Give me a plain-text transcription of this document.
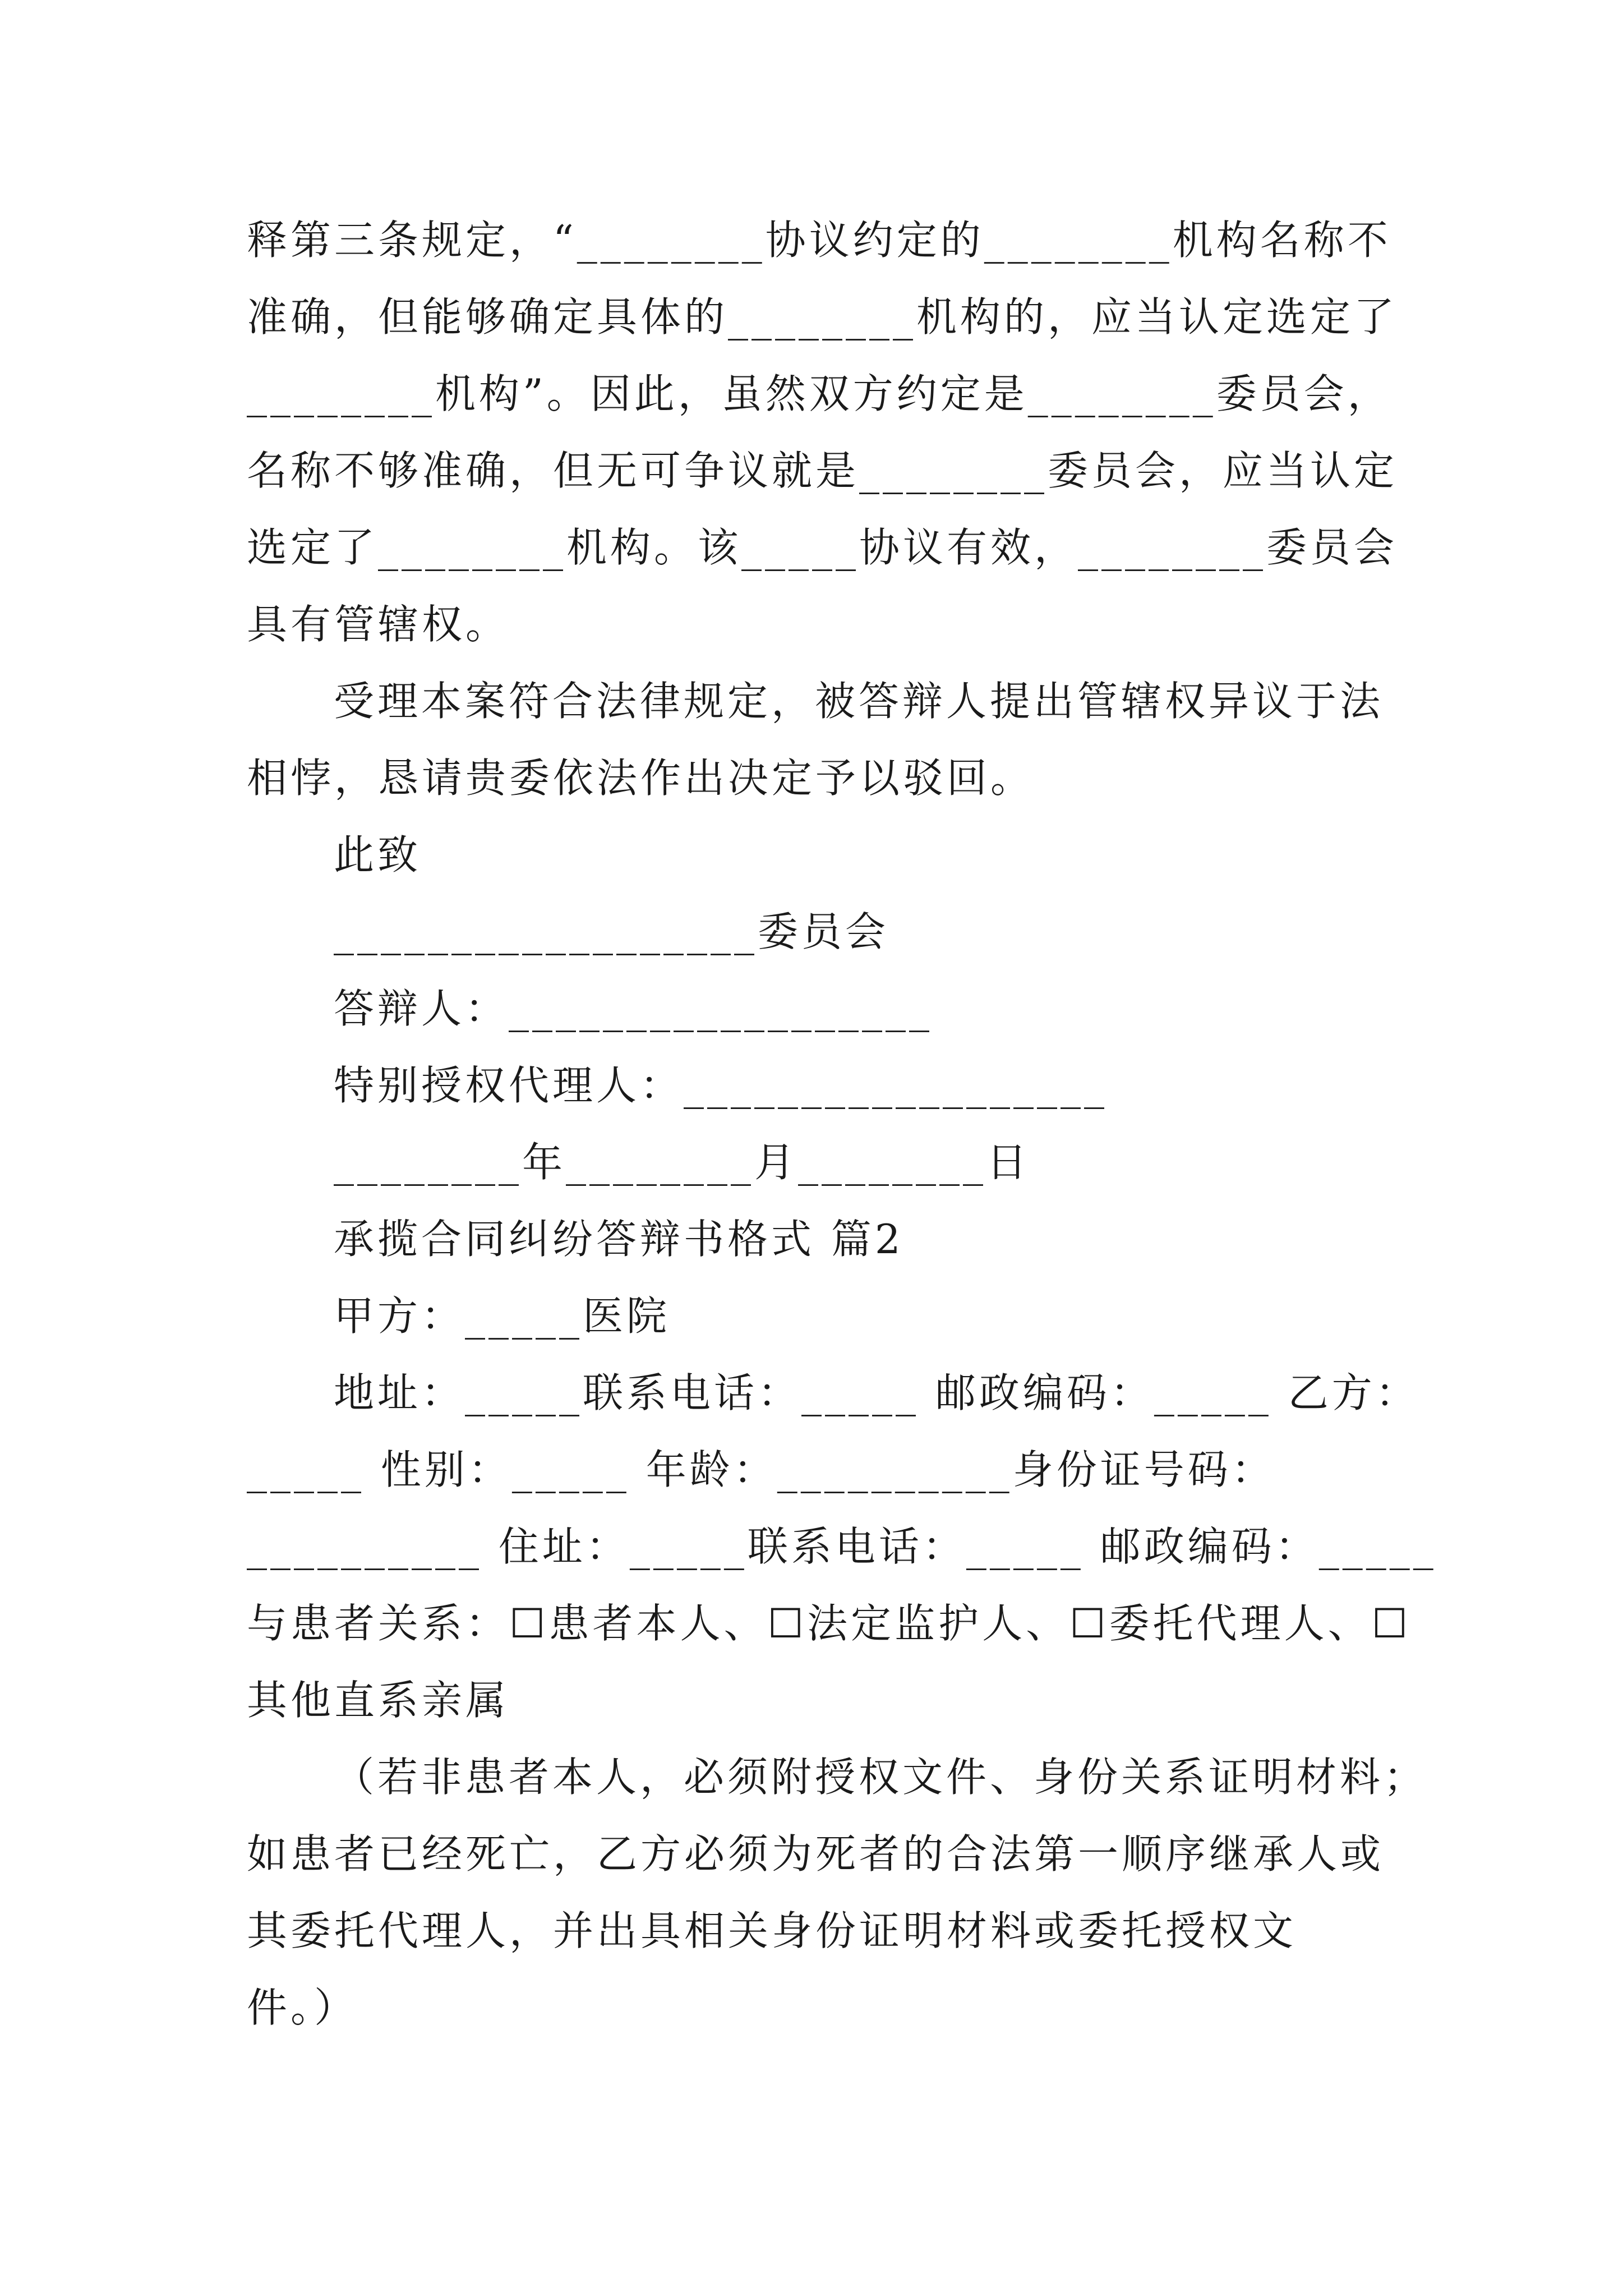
释第三条规定，“________协议约定的________机构名称不
准确，但能够确定具体的________机构的，应当认定选定了
________机构”。因此，虽然双方约定是________委员会，
名称不够准确，但无可争议就是________委员会，应当认定
选定了________机构。该_____协议有效，________委员会
具有管辖权。
受理本案符合法律规定，被答辩人提出管辖权异议于法
相悖，恳请贵委依法作出决定予以驳回。
此致
__________________委员会
答辩人：__________________
特别授权代理人：__________________
________年________月________日
承揽合同纠纷答辩书格式 篇2
甲方：_____医院
地址：_____联系电话：_____ 邮政编码：_____ 乙方：
_____ 性别：_____ 年龄：__________身份证号码：
__________ 住址：_____联系电话：_____ 邮政编码：_____
与患者关系：☐患者本人、☐法定监护人、☐委托代理人、☐
其他直系亲属
（若非患者本人，必须附授权文件、身份关系证明材料；
如患者已经死亡，乙方必须为死者的合法第一顺序继承人或
其委托代理人，并出具相关身份证明材料或委托授权文
件。）
